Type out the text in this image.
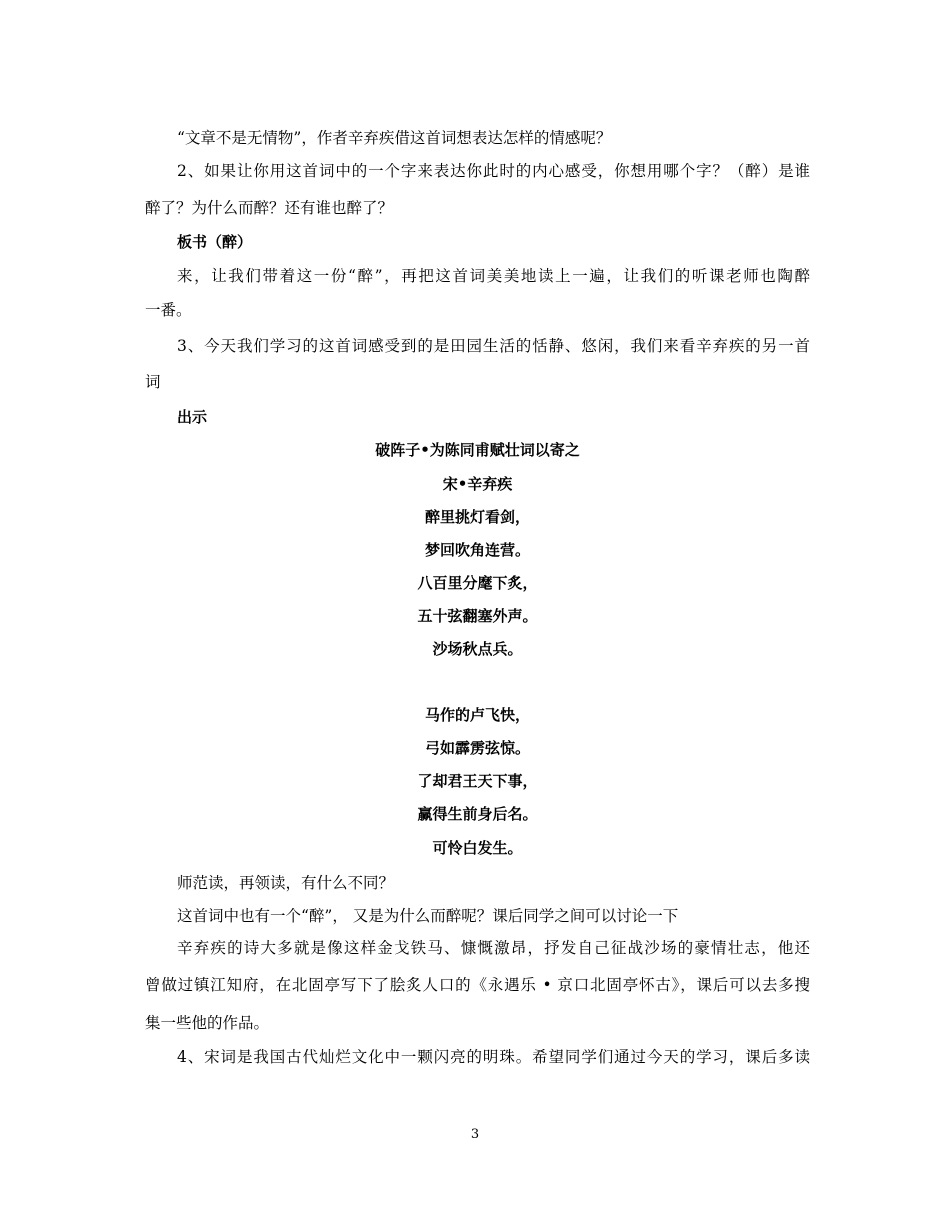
“文章不是无情物”，作者辛弃疾借这首词想表达怎样的情感呢？
2、如果让你用这首词中的一个字来表达你此时的内心感受，你想用哪个字？（醉）是谁
醉了？为什么而醉？还有谁也醉了？
板书（醉）
来，让我们带着这一份“醉”，再把这首词美美地读上一遍，让我们的听课老师也陶醉
一番。
3、今天我们学习的这首词感受到的是田园生活的恬静、悠闲，我们来看辛弃疾的另一首
词
出示
破阵子•为陈同甫赋壮词以寄之
宋•辛弃疾
醉里挑灯看剑，
梦回吹角连营。
八百里分麾下炙，
五十弦翻塞外声。
沙场秋点兵。
马作的卢飞快，
弓如霹雳弦惊。
了却君王天下事，
赢得生前身后名。
可怜白发生。
师范读，再领读，有什么不同？
这首词中也有一个“醉”， 又是为什么而醉呢？课后同学之间可以讨论一下
辛弃疾的诗大多就是像这样金戈铁马、慷慨激昂，抒发自己征战沙场的豪情壮志，他还
曾做过镇江知府，在北固亭写下了脍炙人口的《永遇乐 • 京口北固亭怀古》，课后可以去多搜
集一些他的作品。
4、宋词是我国古代灿烂文化中一颗闪亮的明珠。希望同学们通过今天的学习，课后多读
3
